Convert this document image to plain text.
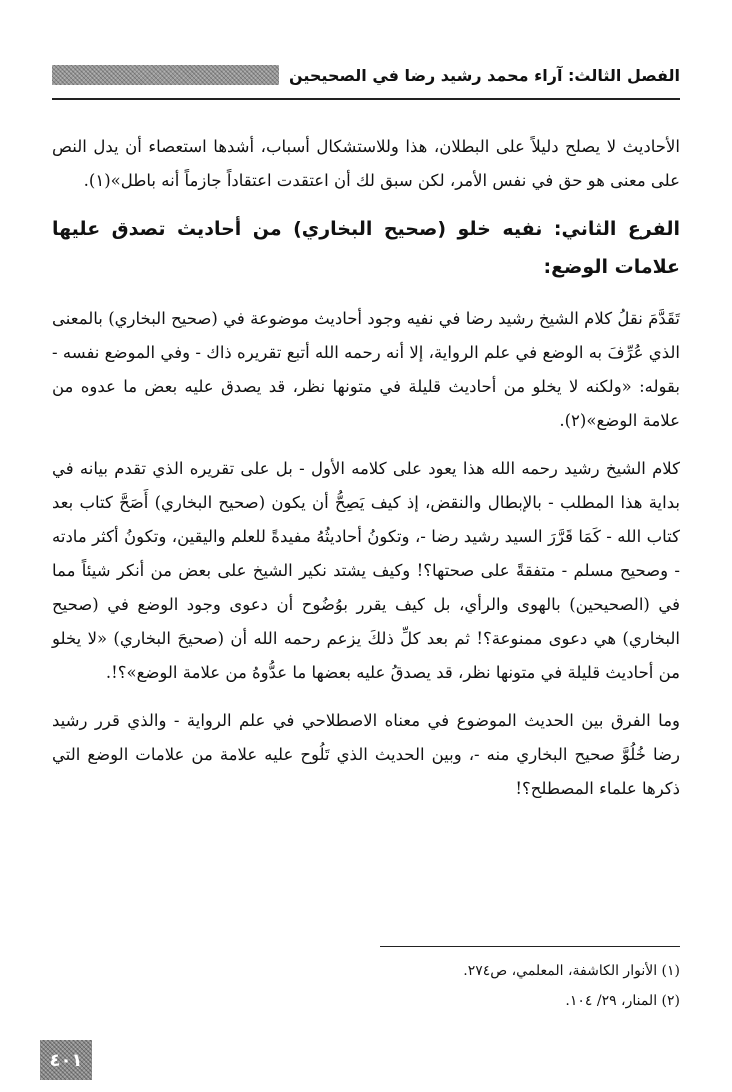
الفصل الثالث: آراء محمد رشيد رضا في الصحيحين

الأحاديث لا يصلح دليلاً على البطلان، هذا وللاستشكال أسباب، أشدها استعصاء أن يدل النص على معنى هو حق في نفس الأمر، لكن سبق لك أن اعتقدت اعتقاداً جازماً أنه باطل»(١).

الفرع الثاني: نفيه خلو (صحيح البخاري) من أحاديث تصدق عليها علامات الوضع:

تَقَدَّمَ نقلُ كلام الشيخ رشيد رضا في نفيه وجود أحاديث موضوعة في (صحيح البخاري) بالمعنى الذي عُرِّفَ به الوضع في علم الرواية، إلا أنه رحمه الله أتبع تقريره ذاك - وفي الموضع نفسه - بقوله: «ولكنه لا يخلو من أحاديث قليلة في متونها نظر، قد يصدق عليه بعض ما عدوه من علامة الوضع»(٢).

كلام الشيخ رشيد رحمه الله هذا يعود على كلامه الأول - بل على تقريره الذي تقدم بيانه في بداية هذا المطلب - بالإبطال والنقض، إذ كيف يَصِحُّ أن يكون (صحيح البخاري) أَصَحَّ كتاب بعد كتاب الله - كَمَا قَرَّرَ السيد رشيد رضا -، وتكونُ أحاديثُهُ مفيدةً للعلم واليقين، وتكونُ أكثر مادته - وصحيح مسلم - متفقةً على صحتها؟! وكيف يشتد نكير الشيخ على بعض من أنكر شيئاً مما في (الصحيحين) بالهوى والرأي، بل كيف يقرر بوُضُوح أن دعوى وجود الوضع في (صحيح البخاري) هي دعوى ممنوعة؟! ثم بعد كلِّ ذلكَ يزعم رحمه الله أن (صحيحَ البخاري) «لا يخلو من أحاديث قليلة في متونها نظر، قد يصدقُ عليه بعضها ما عدُّوهُ من علامة الوضع»؟!.

وما الفرق بين الحديث الموضوع في معناه الاصطلاحي في علم الرواية - والذي قرر رشيد رضا خُلُوَّ صحيح البخاري منه -، وبين الحديث الذي تَلُوح عليه علامة من علامات الوضع التي ذكرها علماء المصطلح؟!

(١) الأنوار الكاشفة، المعلمي، ص٢٧٤.
(٢) المنار، ٢٩/ ١٠٤.
٤٠١
